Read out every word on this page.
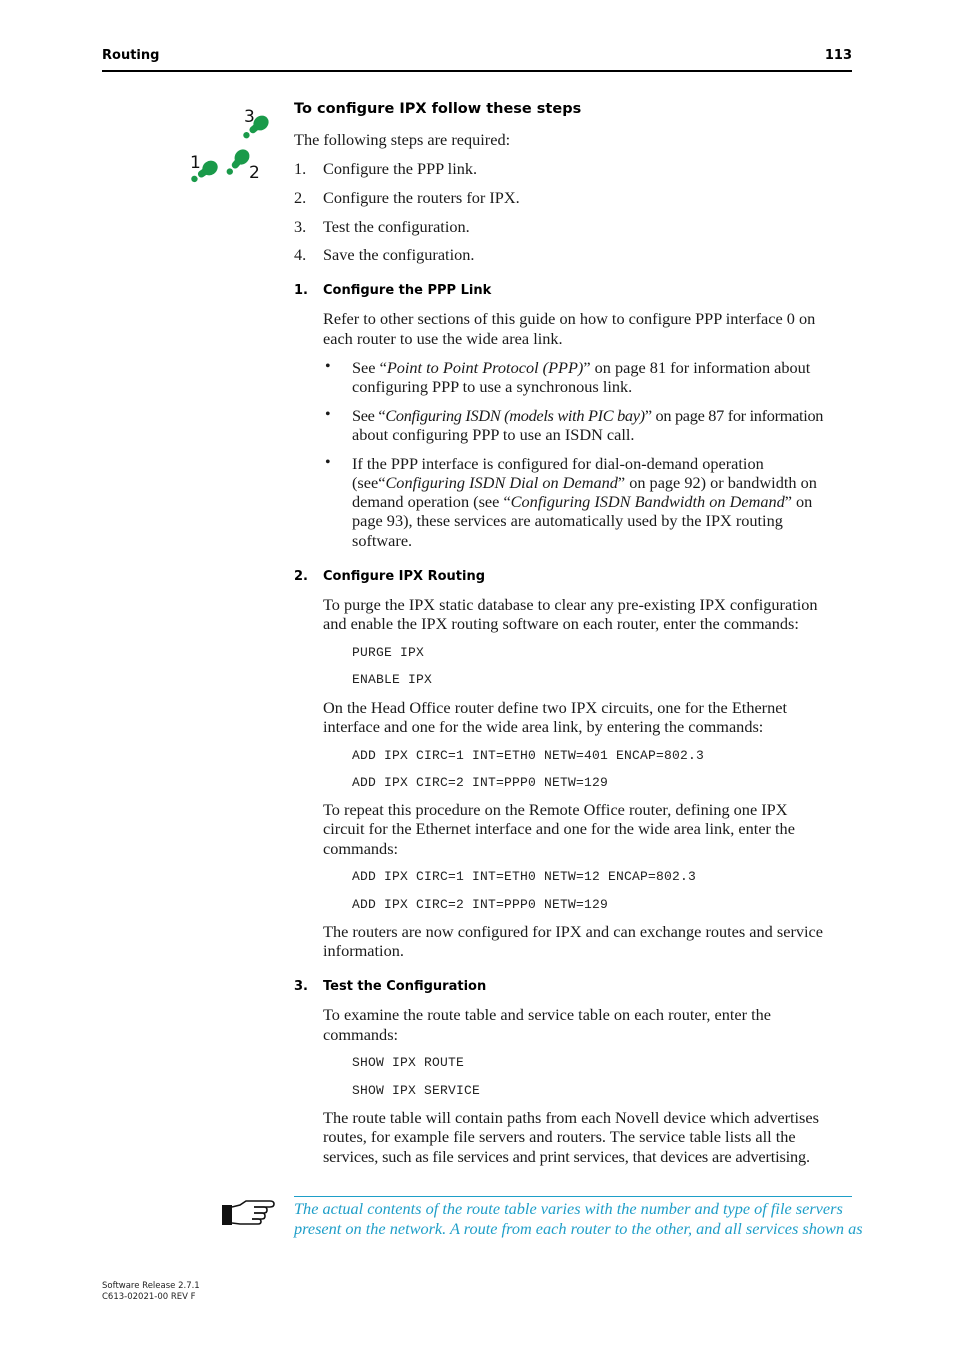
Routing	113
1	2
3	To configure IPX follow these steps
The following steps are required:
1. Configure the PPP link.
2. Configure the routers for IPX.
3. Test the configuration.
4. Save the configuration.
1. Configure the PPP Link
Refer to other sections of this guide on how to configure PPP interface 0 on
each router to use the wide area link.
• See “Point to Point Protocol (PPP)” on page 81 for information about
configuring PPP to use a synchronous link.
• See “Configuring ISDN (models with PIC bay)” on page 87 for information
about configuring PPP to use an ISDN call.
• If the PPP interface is configured for dial-on-demand operation
(see“Configuring ISDN Dial on Demand” on page 92) or bandwidth on
demand operation (see “Configuring ISDN Bandwidth on Demand” on
page 93), these services are automatically used by the IPX routing
software.
2. Configure IPX Routing
To purge the IPX static database to clear any pre-existing IPX configuration
and enable the IPX routing software on each router, enter the commands:
PURGE IPX
ENABLE IPX
On the Head Office router define two IPX circuits, one for the Ethernet
interface and one for the wide area link, by entering the commands:
ADD IPX CIRC=1 INT=ETH0 NETW=401 ENCAP=802.3
ADD IPX CIRC=2 INT=PPP0 NETW=129
To repeat this procedure on the Remote Office router, defining one IPX
circuit for the Ethernet interface and one for the wide area link, enter the
commands:
ADD IPX CIRC=1 INT=ETH0 NETW=12 ENCAP=802.3
ADD IPX CIRC=2 INT=PPP0 NETW=129
The routers are now configured for IPX and can exchange routes and service
information.
3. Test the Configuration
To examine the route table and service table on each router, enter the
commands:
SHOW IPX ROUTE
SHOW IPX SERVICE
The route table will contain paths from each Novell device which advertises
routes, for example file servers and routers. The service table lists all the
services, such as file services and print services, that devices are advertising.
The actual contents of the route table varies with the number and type of file servers
present on the network. A route from each router to the other, and all services shown as
Software Release 2.7.1
C613-02021-00 REV F
